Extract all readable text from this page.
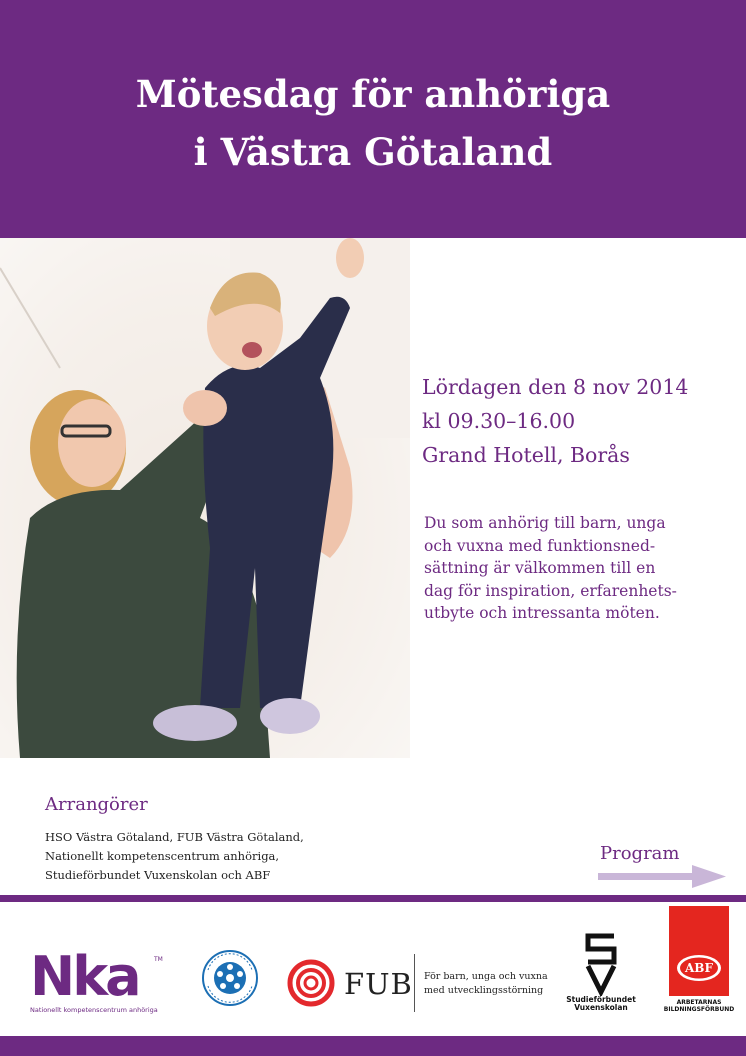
Mötesdag för anhöriga
i Västra Götaland
Lördagen den 8 nov 2014
kl 09.30–16.00
Grand Hotell, Borås
Du som anhörig till barn, unga
och vuxna med funktionsned-
sättning är välkommen till en
dag för inspiration, erfarenhets-
utbyte och intressanta möten.
Arrangörer
HSO Västra Götaland, FUB Västra Götaland,
Nationellt kompetenscentrum anhöriga,
Studieförbundet Vuxenskolan och ABF
Program
Nka	TM
Nationellt kompetenscentrum anhöriga
FUB För barn, unga och vuxna
med utvecklingsstörning
Studieförbundet
Vuxenskolan
ABF
ARBETARNAS
BILDNINGSFÖRBUND
